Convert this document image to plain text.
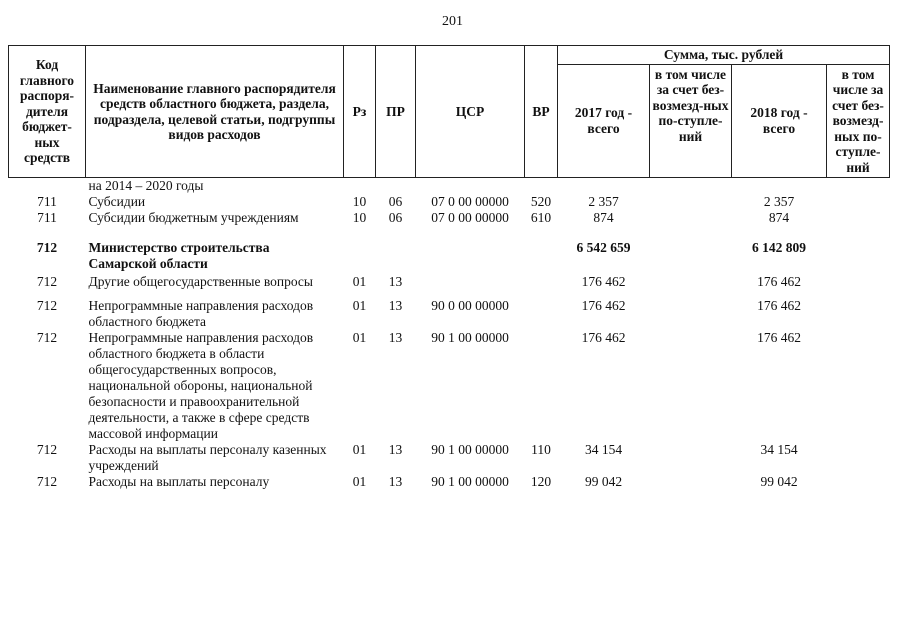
201
Код главного распоря-дителя бюджет-ных средств	Наименование главного распорядителя средств областного бюджета, раздела, подраздела, целевой статьи, подгруппы видов расходов	Рз	ПР	ЦСР	ВР	Сумма, тыс. рублей			
						2017 год - всего	в том числе за счет без-возмезд-ных по-ступле-ний	2018 год - всего	в том числе за счет без-возмезд-ных по-ступле-ний
	на 2014 – 2020 годы								
711	Субсидии	10	06	07 0 00 00000	520	2 357		2 357	
711	Субсидии бюджетным учреждениям	10	06	07 0 00 00000	610	874		874	

712	Министерство строительства Самарской области					6 542 659		6 142 809	
712	Другие общегосударственные вопросы	01	13			176 462		176 462	

712	Непрограммные направления расходов областного бюджета	01	13	90 0 00 00000		176 462		176 462	
712	Непрограммные направления расходов областного бюджета в области общегосударственных вопросов, национальной обороны, национальной безопасности и правоохранительной деятельности, а также в сфере средств массовой информации	01	13	90 1 00 00000		176 462		176 462	
712	Расходы на выплаты персоналу казенных учреждений	01	13	90 1 00 00000	110	34 154		34 154	
712	Расходы на выплаты персоналу	01	13	90 1 00 00000	120	99 042		99 042	
